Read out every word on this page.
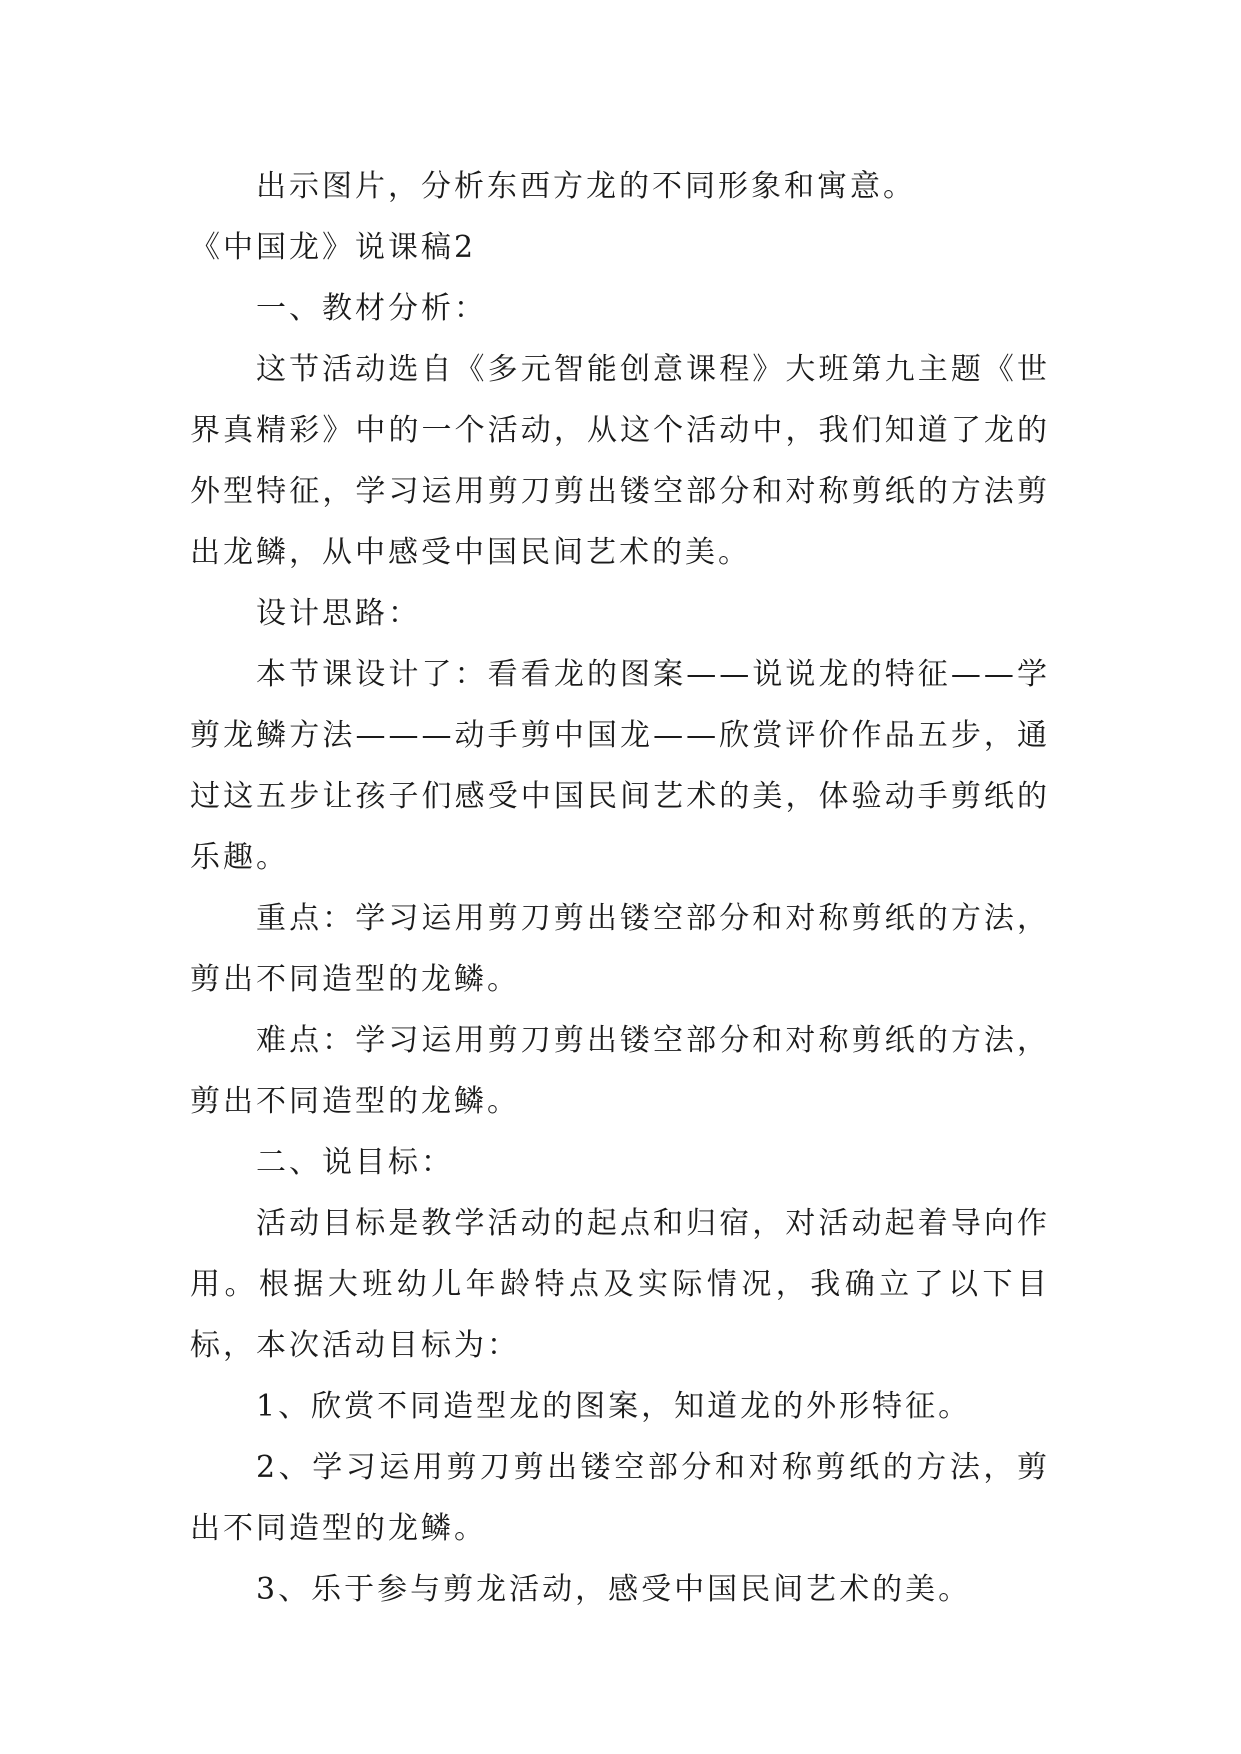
出示图片，分析东西方龙的不同形象和寓意。

《中国龙》说课稿2

一、教材分析：

这节活动选自《多元智能创意课程》大班第九主题《世界真精彩》中的一个活动，从这个活动中，我们知道了龙的外型特征，学习运用剪刀剪出镂空部分和对称剪纸的方法剪出龙鳞，从中感受中国民间艺术的美。

设计思路：

本节课设计了：看看龙的图案——说说龙的特征——学剪龙鳞方法———动手剪中国龙——欣赏评价作品五步，通过这五步让孩子们感受中国民间艺术的美，体验动手剪纸的乐趣。

重点：学习运用剪刀剪出镂空部分和对称剪纸的方法，剪出不同造型的龙鳞。

难点：学习运用剪刀剪出镂空部分和对称剪纸的方法，剪出不同造型的龙鳞。

二、说目标：

活动目标是教学活动的起点和归宿，对活动起着导向作用。根据大班幼儿年龄特点及实际情况，我确立了以下目标，本次活动目标为：

1、欣赏不同造型龙的图案，知道龙的外形特征。

2、学习运用剪刀剪出镂空部分和对称剪纸的方法，剪出不同造型的龙鳞。

3、乐于参与剪龙活动，感受中国民间艺术的美。
